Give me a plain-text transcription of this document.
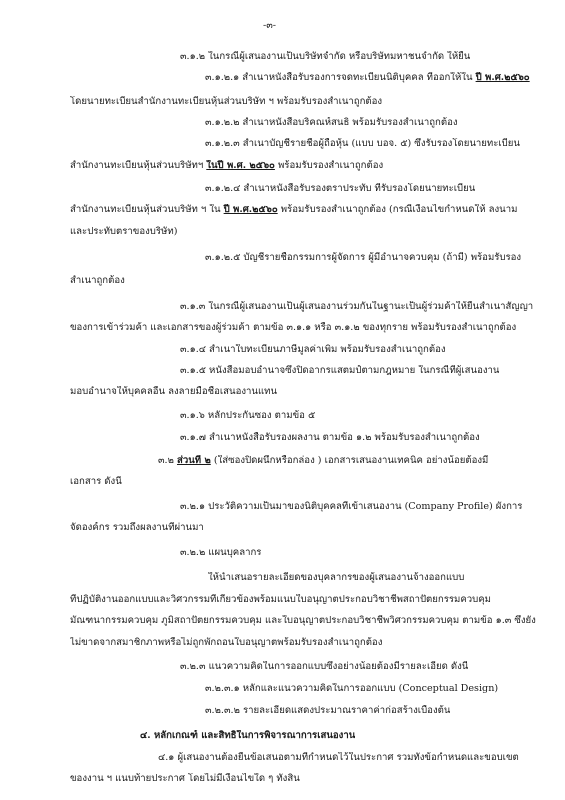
-๓-
๓.๑.๒ ในกรณีผู้เสนองานเป็นบริษัทจำกัด หรือบริษัทมหาชนจำกัด ให้ยื่น
๓.๑.๒.๑ สำเนาหนังสือรับรองการจดทะเบียนนิติบุคคล ที่ออกให้ใน ปี พ.ศ.๒๕๖๐
โดยนายทะเบียนสำนักงานทะเบียนหุ้นส่วนบริษัท ฯ พร้อมรับรองสำเนาถูกต้อง
๓.๑.๒.๒ สำเนาหนังสือบริคณห์สนธิ พร้อมรับรองสำเนาถูกต้อง
๓.๑.๒.๓ สำเนาบัญชีรายชื่อผู้ถือหุ้น (แบบ บอจ. ๕) ซึ่งรับรองโดยนายทะเบียน
สำนักงานทะเบียนหุ้นส่วนบริษัทฯ ในปี พ.ศ. ๒๕๖๐ พร้อมรับรองสำเนาถูกต้อง
๓.๑.๒.๔ สำเนาหนังสือรับรองตราประทับ ที่รับรองโดยนายทะเบียน
สำนักงานทะเบียนหุ้นส่วนบริษัท ฯ ใน ปี พ.ศ.๒๕๖๐ พร้อมรับรองสำเนาถูกต้อง (กรณีเงื่อนไขกำหนดให้ ลงนาม
และประทับตราของบริษัท)
๓.๑.๒.๕ บัญชีรายชื่อกรรมการผู้จัดการ ผู้มีอำนาจควบคุม (ถ้ามี) พร้อมรับรอง
สำเนาถูกต้อง
๓.๑.๓ ในกรณีผู้เสนองานเป็นผู้เสนองานร่วมกันในฐานะเป็นผู้ร่วมค้าให้ยื่นสำเนาสัญญา
ของการเข้าร่วมค้า และเอกสารของผู้ร่วมค้า ตามข้อ ๓.๑.๑ หรือ ๓.๑.๒ ของทุกราย พร้อมรับรองสำเนาถูกต้อง
๓.๑.๔ สำเนาใบทะเบียนภาษีมูลค่าเพิ่ม พร้อมรับรองสำเนาถูกต้อง
๓.๑.๕ หนังสือมอบอำนาจซึ่งปิดอากรแสตมป์ตามกฎหมาย ในกรณีที่ผู้เสนองาน
มอบอำนาจให้บุคคลอื่น ลงลายมือชื่อเสนองานแทน
๓.๑.๖ หลักประกันซอง ตามข้อ ๕
๓.๑.๗ สำเนาหนังสือรับรองผลงาน ตามข้อ ๑.๒ พร้อมรับรองสำเนาถูกต้อง
๓.๒ ส่วนที่ ๒ (ใส่ซองปิดผนึกหรือกล่อง ) เอกสารเสนองานเทคนิค อย่างน้อยต้องมี
เอกสาร ดังนี้
๓.๒.๑ ประวัติความเป็นมาของนิติบุคคลที่เข้าเสนองาน (Company Profile) ผังการ
จัดองค์กร รวมถึงผลงานที่ผ่านมา
๓.๒.๒ แผนบุคลากร
ให้นำเสนอรายละเอียดของบุคลากรของผู้เสนองานจ้างออกแบบ
ที่ปฏิบัติงานออกแบบและวิศวกรรมที่เกี่ยวข้องพร้อมแนบใบอนุญาตประกอบวิชาชีพสถาปัตยกรรมควบคุม
มัณฑนากรรมควบคุม ภูมิสถาปัตยกรรมควบคุม และใบอนุญาตประกอบวิชาชีพวิศวกรรมควบคุม ตามข้อ ๑.๓ ซึ่งยัง
ไม่ขาดจากสมาชิกภาพหรือไม่ถูกพักถอนใบอนุญาตพร้อมรับรองสำเนาถูกต้อง
๓.๒.๓ แนวความคิดในการออกแบบซึ่งอย่างน้อยต้องมีรายละเอียด ดังนี้
๓.๒.๓.๑ หลักและแนวความคิดในการออกแบบ (Conceptual Design)
๓.๒.๓.๒ รายละเอียดแสดงประมาณราคาค่าก่อสร้างเบื้องต้น
๔. หลักเกณฑ์ และสิทธิในการพิจารณาการเสนองาน
๔.๑ ผู้เสนองานต้องยื่นข้อเสนอตามที่กำหนดไว้ในประกาศ รวมทั้งข้อกำหนดและขอบเขต
ของงาน ฯ แนบท้ายประกาศ โดยไม่มีเงื่อนไขใด ๆ ทั้งสิ้น
